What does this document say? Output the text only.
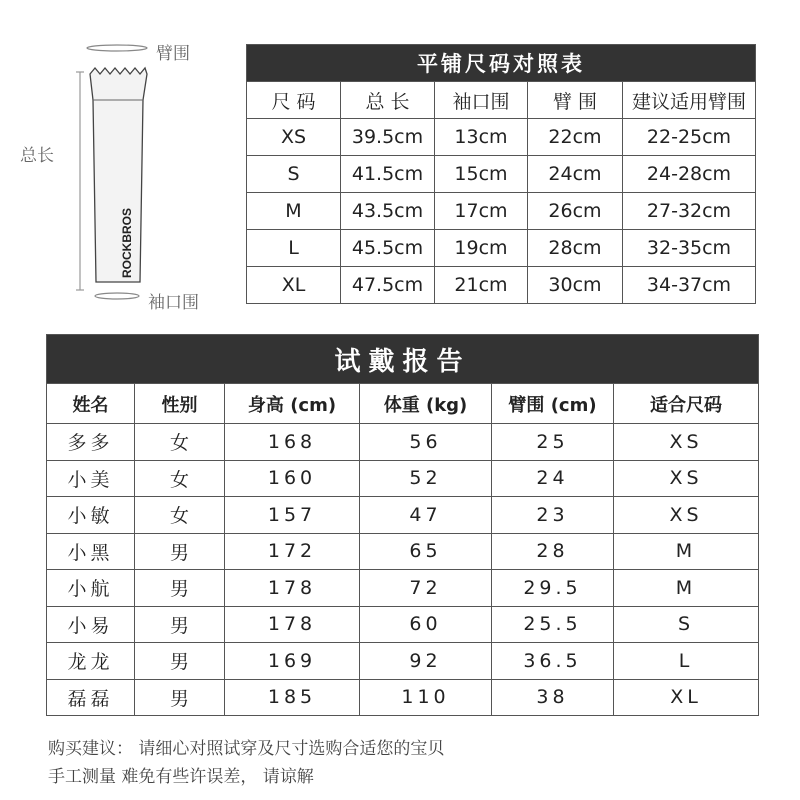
ROCKBROS
臂围
总长
袖口围
平铺尺码对照表				
尺 码	总 长	袖口围	臂 围	建议适用臂围
XS	39.5cm	13cm	22cm	22-25cm
S	41.5cm	15cm	24cm	24-28cm
M	43.5cm	17cm	26cm	27-32cm
L	45.5cm	19cm	28cm	32-35cm
XL	47.5cm	21cm	30cm	34-37cm
试戴报告					
姓名	性别	身高 (cm)	体重 (kg)	臂围 (cm)	适合尺码
多多	女	168	56	25	XS
小美	女	160	52	24	XS
小敏	女	157	47	23	XS
小黑	男	172	65	28	M
小航	男	178	72	29.5	M
小易	男	178	60	25.5	S
龙龙	男	169	92	36.5	L
磊磊	男	185	110	38	XL
购买建议： 请细心对照试穿及尺寸选购合适您的宝贝
手工测量 难免有些许误差， 请谅解
